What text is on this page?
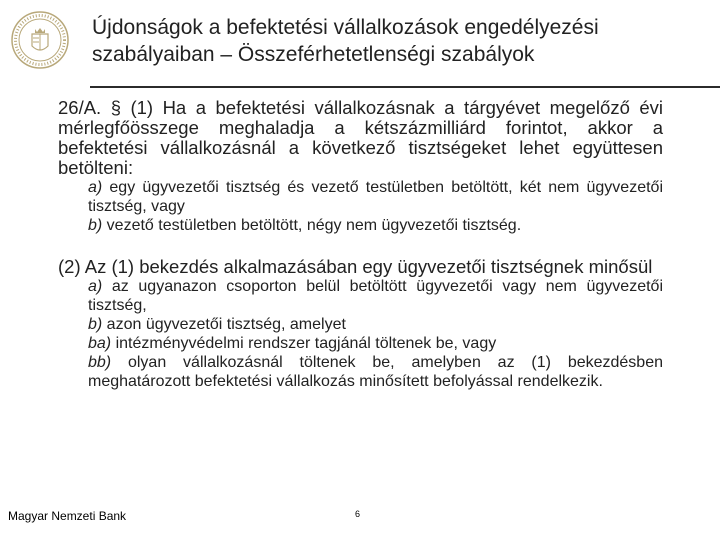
Újdonságok a befektetési vállalkozások engedélyezési
szabályaiban – Összeférhetetlenségi szabályok

26/A. § (1) Ha a befektetési vállalkozásnak a tárgyévet megelőző évi mérlegfőösszege meghaladja a kétszázmilliárd forintot, akkor a befektetési vállalkozásnál a következő tisztségeket lehet együttesen betölteni:

a) egy ügyvezetői tisztség és vezető testületben betöltött, két nem ügyvezetői tisztség, vagy

b) vezető testületben betöltött, négy nem ügyvezetői tisztség.

(2) Az (1) bekezdés alkalmazásában egy ügyvezetői tisztségnek minősül

a) az ugyanazon csoporton belül betöltött ügyvezetői vagy nem ügyvezetői tisztség,

b) azon ügyvezetői tisztség, amelyet

ba) intézményvédelmi rendszer tagjánál töltenek be, vagy

bb) olyan vállalkozásnál töltenek be, amelyben az (1) bekezdésben meghatározott befektetési vállalkozás minősített befolyással rendelkezik.

Magyar Nemzeti Bank	6
